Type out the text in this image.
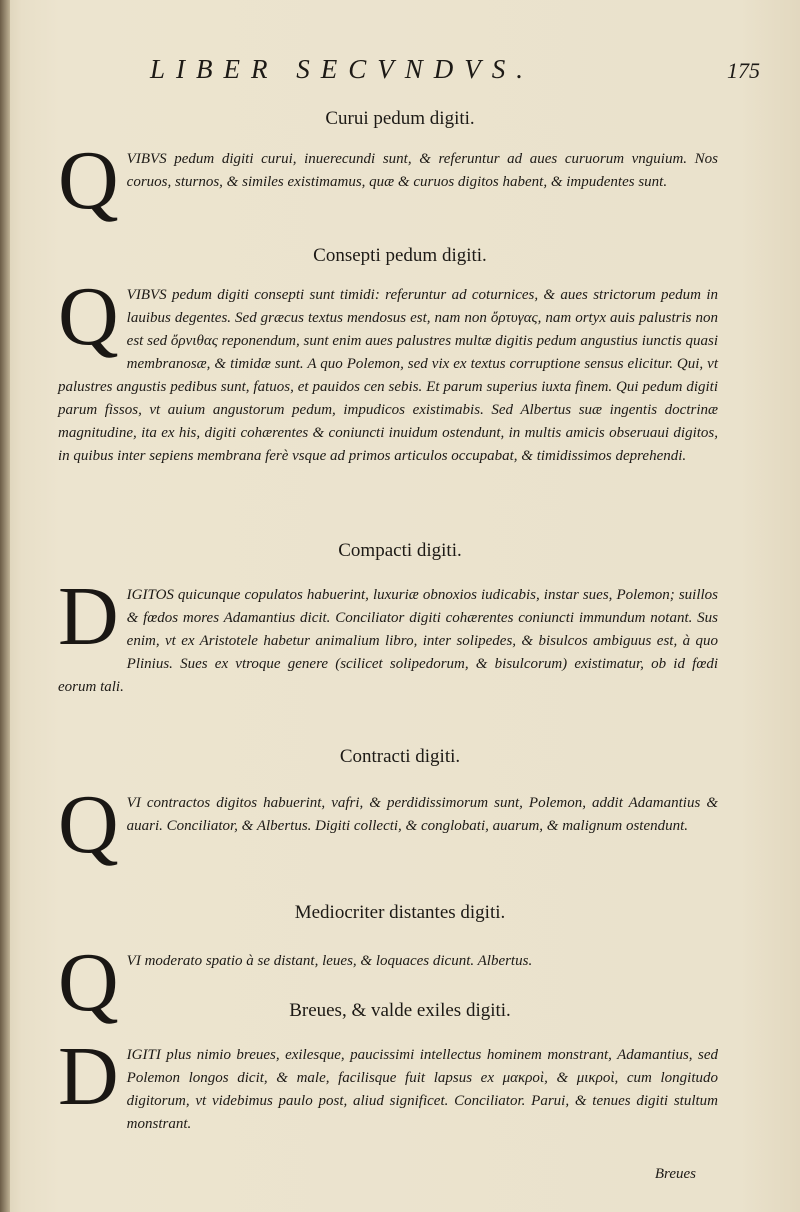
LIBER SECVNDVS.	175
Curui pedum digiti.
Q VIBVS pedum digiti curui, inuerecundi sunt, & referuntur ad aues curuorum vnguium. Nos coruos, sturnos, & similes existimamus, quæ & curuos digitos habent, & impudentes sunt.
Consepti pedum digiti.
Q VIBVS pedum digiti consepti sunt timidi: referuntur ad coturnices, & aues strictorum pedum in lauibus degentes. Sed græcus textus mendosus est, nam non ὄρτυγας, nam ortyx auis palustris non est sed ὄρνιθας reponendum, sunt enim aues palustres multæ digitis pedum angustius iunctis quasi membranosæ, & timidæ sunt. A quo Polemon, sed vix ex textus corruptione sensus elicitur. Qui, vt palustres angustis pedibus sunt, fatuos, et pauidos cen sebis. Et parum superius iuxta finem. Qui pedum digiti parum fissos, vt auium angustorum pedum, impudicos existimabis. Sed Albertus suæ ingentis doctrinæ magnitudine, ita ex his, digiti cohærentes & coniuncti inuidum ostendunt, in multis amicis obseruaui digitos, in quibus inter sepiens membrana ferè vsque ad primos articulos occupabat, & timidissimos deprehendi.
Compacti digiti.
D IGITOS quicunque copulatos habuerint, luxuriæ obnoxios iudicabis, instar sues, Polemon; suillos & fœdos mores Adamantius dicit. Conciliator digiti cohærentes coniuncti immundum notant. Sus enim, vt ex Aristotele habetur animalium libro, inter solipedes, & bisulcos ambiguus est, à quo Plinius. Sues ex vtroque genere (scilicet solipedorum, & bisulcorum) existimatur, ob id fœdi eorum tali.
Contracti digiti.
Q VI contractos digitos habuerint, vafri, & perdidissimorum sunt, Polemon, addit Adamantius & auari. Conciliator, & Albertus. Digiti collecti, & conglobati, auarum, & malignum ostendunt.
Mediocriter distantes digiti.
Q VI moderato spatio à se distant, leues, & loquaces dicunt. Albertus.
Breues, & valde exiles digiti.
D IGITI plus nimio breues, exilesque, paucissimi intellectus hominem monstrant, Adamantius, sed Polemon longos dicit, & male, facilisque fuit lapsus ex μακροὶ, & μικροὶ, cum longitudo digitorum, vt videbimus paulo post, aliud significet. Conciliator. Parui, & tenues digiti stultum monstrant.
Breues
